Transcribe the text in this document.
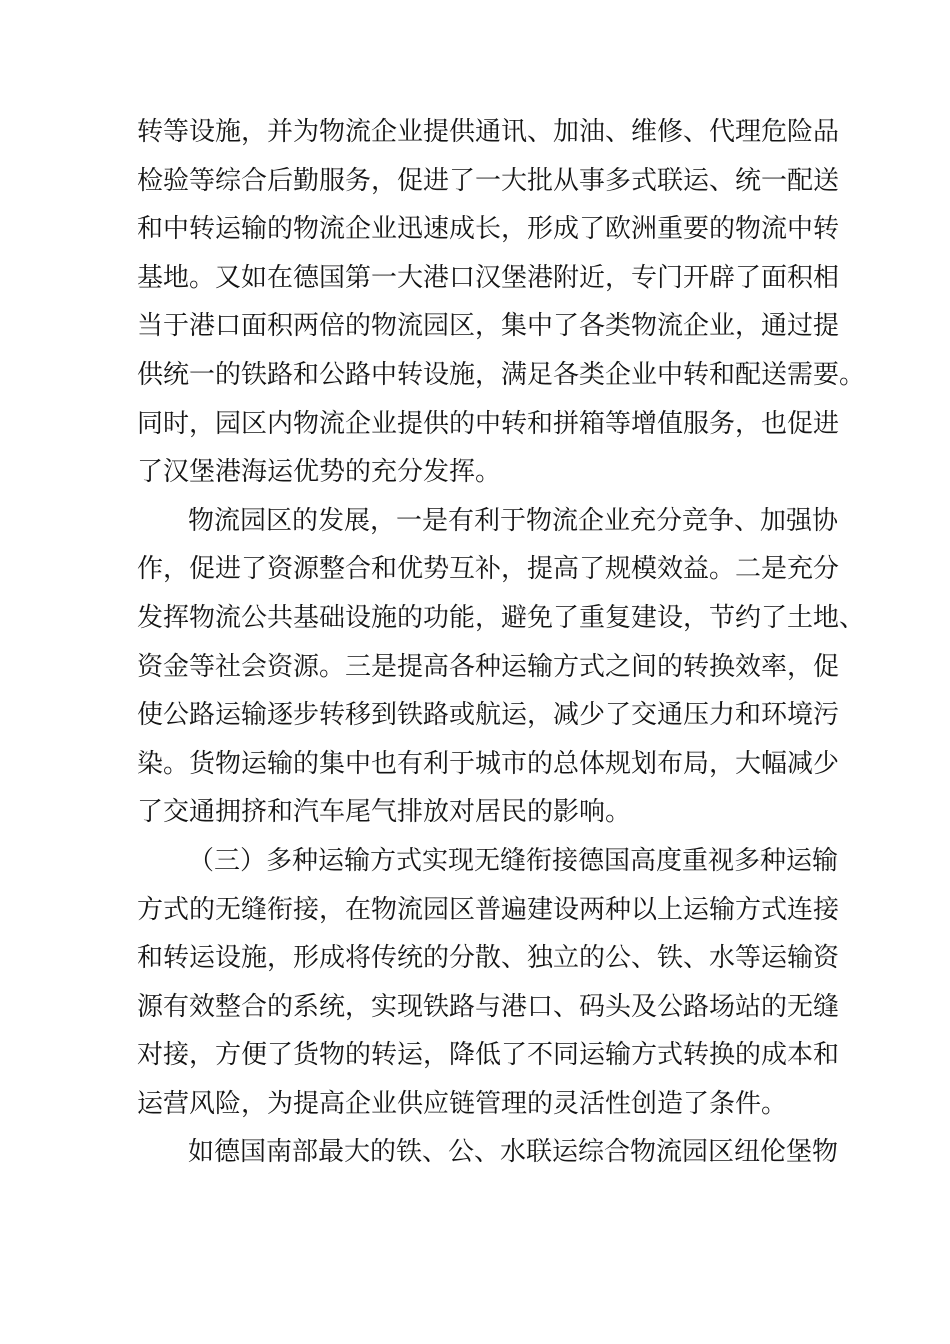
转等设施，并为物流企业提供通讯、加油、维修、代理危险品
检验等综合后勤服务，促进了一大批从事多式联运、统一配送
和中转运输的物流企业迅速成长，形成了欧洲重要的物流中转
基地。又如在德国第一大港口汉堡港附近，专门开辟了面积相
当于港口面积两倍的物流园区，集中了各类物流企业，通过提
供统一的铁路和公路中转设施，满足各类企业中转和配送需要。
同时，园区内物流企业提供的中转和拼箱等增值服务，也促进
了汉堡港海运优势的充分发挥。
物流园区的发展，一是有利于物流企业充分竞争、加强协
作，促进了资源整合和优势互补，提高了规模效益。二是充分
发挥物流公共基础设施的功能，避免了重复建设，节约了土地、
资金等社会资源。三是提高各种运输方式之间的转换效率，促
使公路运输逐步转移到铁路或航运，减少了交通压力和环境污
染。货物运输的集中也有利于城市的总体规划布局，大幅减少
了交通拥挤和汽车尾气排放对居民的影响。
（三）多种运输方式实现无缝衔接德国高度重视多种运输
方式的无缝衔接，在物流园区普遍建设两种以上运输方式连接
和转运设施，形成将传统的分散、独立的公、铁、水等运输资
源有效整合的系统，实现铁路与港口、码头及公路场站的无缝
对接，方便了货物的转运，降低了不同运输方式转换的成本和
运营风险，为提高企业供应链管理的灵活性创造了条件。
如德国南部最大的铁、公、水联运综合物流园区纽伦堡物
